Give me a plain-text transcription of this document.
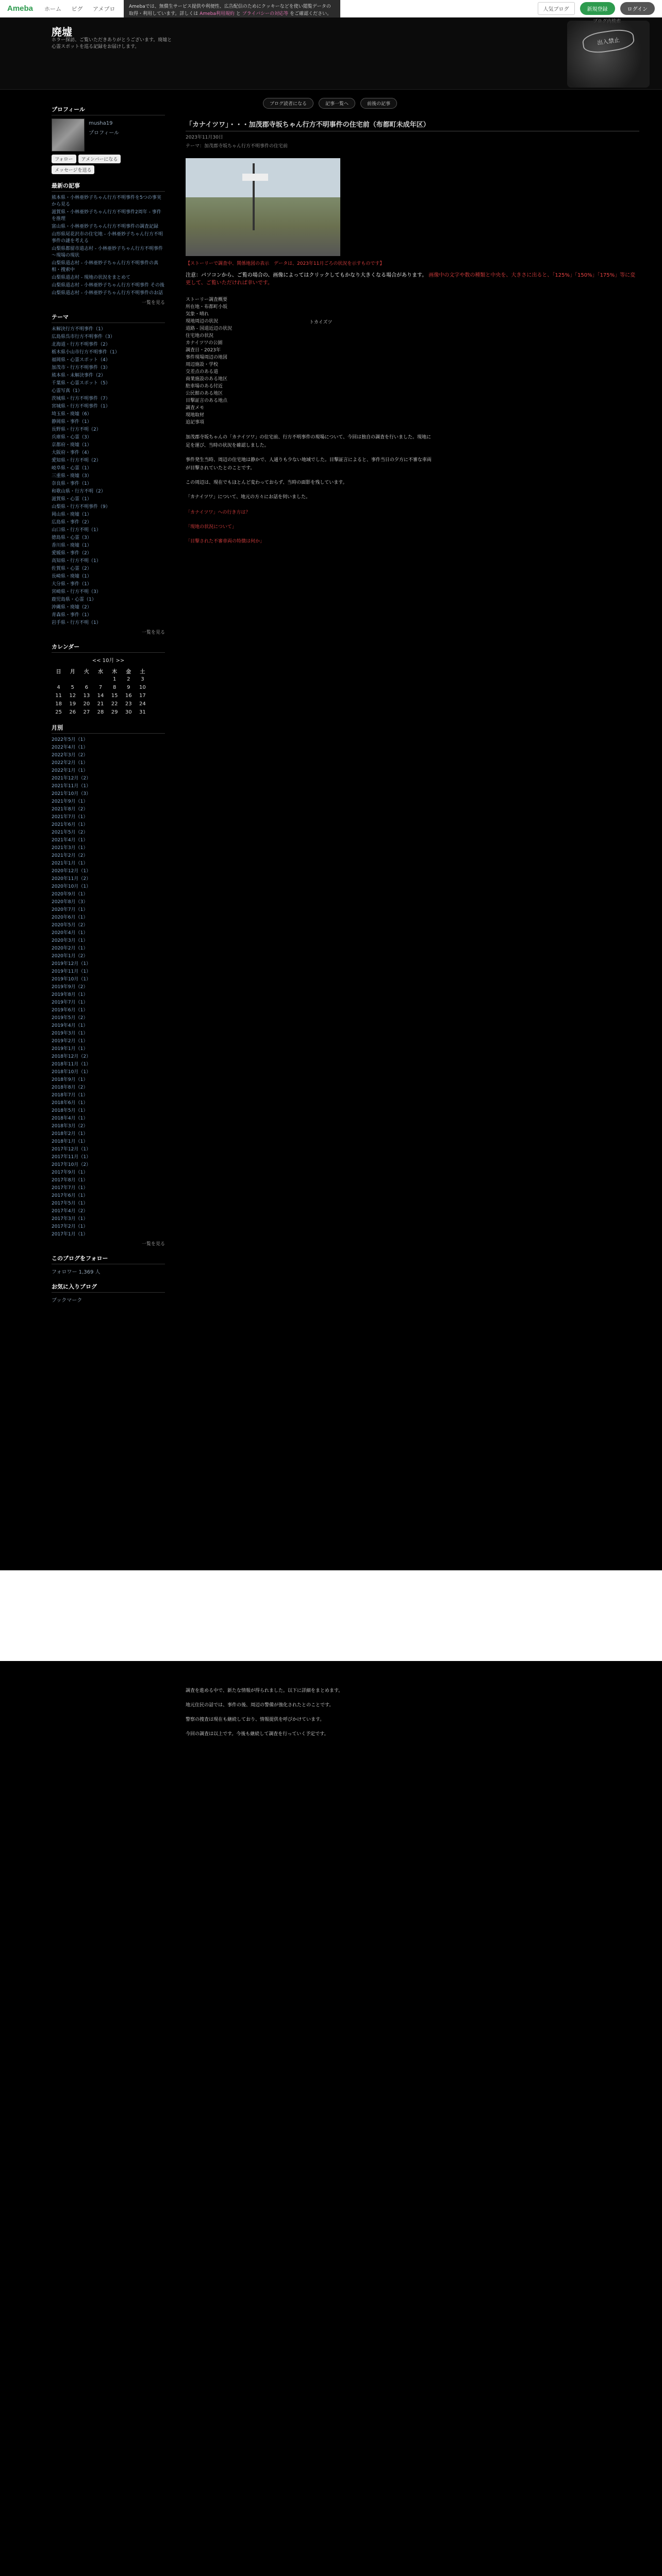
Ameba ホーム ピグ アメブロ	人気ブログ	新規登録	ログイン
Amebaでは、無償生サービス提供や利便性、広告配信のためにクッキーなどを使い閲覧データの取得・利用しています。詳しくは Ameba利用規約 と プライバシーの対応等 をご確認ください。
廃墟
ホラー探訪、ご覧いただきありがとうございます。廃墟と心霊スポットを巡る記録をお届けします。
出入禁止
プロフィール
musha19
プロフィール
フォロー	アメンバーになる
メッセージを送る
最新の記事
熊本県・小林亜妙子ちゃん行方不明事件を5つの事実から見る
滋賀県・小林亜妙子ちゃん行方不明事件2周年 - 事件を推理
富山県・小林亜妙子ちゃん行方不明事件の調査記録
山形県尾花沢市の住宅地 - 小林亜妙子ちゃん行方不明事件の謎を考える
山梨県都留市道志村 - 小林亜妙子ちゃん行方不明事件 ～現場の現状
山梨県道志村 - 小林亜妙子ちゃん行方不明事件の真相・捜索中
山梨県道志村 - 現地の状況をまとめて
山梨県道志村 - 小林亜妙子ちゃん行方不明事件 その後
山梨県道志村 - 小林亜妙子ちゃん行方不明事件のお話
一覧を見る
テーマ
未解決行方不明事件（1）
広島県呉市行方不明事件（3）
北海道・行方不明事件（2）
栃木県小山市行方不明事件（1）
福岡県・心霊スポット（4）
加茂市・行方不明事件（3）
熊本県・未解決事件（2）
千葉県・心霊スポット（5）
心霊写真（1）
茨城県・行方不明事件（7）
宮城県・行方不明事件（1）
埼玉県・廃墟（6）
静岡県・事件（1）
長野県・行方不明（2）
兵庫県・心霊（3）
京都府・廃墟（1）
大阪府・事件（4）
愛知県・行方不明（2）
岐阜県・心霊（1）
三重県・廃墟（3）
奈良県・事件（1）
和歌山県・行方不明（2）
滋賀県・心霊（1）
山梨県・行方不明事件（9）
岡山県・廃墟（1）
広島県・事件（2）
山口県・行方不明（1）
徳島県・心霊（3）
香川県・廃墟（1）
愛媛県・事件（2）
高知県・行方不明（1）
佐賀県・心霊（2）
長崎県・廃墟（1）
大分県・事件（1）
宮崎県・行方不明（3）
鹿児島県・心霊（1）
沖縄県・廃墟（2）
青森県・事件（1）
岩手県・行方不明（1）
一覧を見る
カレンダー
<< 10月 >>
日	月	火	水	木	金	土
				1	2	3
4	5	6	7	8	9	10
11	12	13	14	15	16	17
18	19	20	21	22	23	24
25	26	27	28	29	30	31
月別
2022年5月（1）
2022年4月（1）
2022年3月（2）
2022年2月（1）
2022年1月（1）
2021年12月（2）
2021年11月（1）
2021年10月（3）
2021年9月（1）
2021年8月（2）
2021年7月（1）
2021年6月（1）
2021年5月（2）
2021年4月（1）
2021年3月（1）
2021年2月（2）
2021年1月（1）
2020年12月（1）
2020年11月（2）
2020年10月（1）
2020年9月（1）
2020年8月（3）
2020年7月（1）
2020年6月（1）
2020年5月（2）
2020年4月（1）
2020年3月（1）
2020年2月（1）
2020年1月（2）
2019年12月（1）
2019年11月（1）
2019年10月（1）
2019年9月（2）
2019年8月（1）
2019年7月（1）
2019年6月（1）
2019年5月（2）
2019年4月（1）
2019年3月（1）
2019年2月（1）
2019年1月（1）
2018年12月（2）
2018年11月（1）
2018年10月（1）
2018年9月（1）
2018年8月（2）
2018年7月（1）
2018年6月（1）
2018年5月（1）
2018年4月（1）
2018年3月（2）
2018年2月（1）
2018年1月（1）
2017年12月（1）
2017年11月（1）
2017年10月（2）
2017年9月（1）
2017年8月（1）
2017年7月（1）
2017年6月（1）
2017年5月（1）
2017年4月（2）
2017年3月（1）
2017年2月（1）
2017年1月（1）
一覧を見る
このブログをフォロー
フォロワー 1,369 人
お気に入りブログ
ブックマーク
ブログ読者になる	記事一覧へ	前後の記事
「カナイツワ」・・・加茂郡寺坂ちゃん行方不明事件の住宅前（布都町未成年区）
2023年11月30日
テーマ：加茂郡寺坂ちゃん行方不明事件の住宅前
【ストーリーで調査中、関係地図の表示　データは、2023年11月ごろの状況を示すものです】
注意：パソコンから、ご覧の場合の、画像によってはクリックしてもかなり大きくなる場合があります。 画像中の文字や数の種類と中央を、大きさに出ると、「125%」「150%」「175%」等に変更して、ご覧いただければ幸いです。
ストーリー調査概要
所在地・布都町小坂
気象・晴れ
現地周辺の状況
道路 - 国道近辺の状況
住宅地の状況
カナイツワの公園
調査日・2023年
事件現場周辺の地図
周辺施設・学校
交差点のある道
商業施設のある地区
駐車場のある付近
公民館のある地区
目撃証言のある地点
調査メモ
現地取材
追記事項

加茂郡寺坂ちゃんの「カナイツワ」の住宅前、行方不明事件の現場について、今回は独自の調査を行いました。現地に足を運び、当時の状況を確認しました。

事件発生当時、周辺の住宅地は静かで、人通りも少ない地域でした。目撃証言によると、事件当日の夕方に不審な車両が目撃されていたとのことです。

この周辺は、現在でもほとんど変わっておらず、当時の面影を残しています。

「カナイツワ」について、地元の方々にお話を伺いました。

「カナイツワ」への行き方は？

「現地の状況について」

「目撃された不審車両の特徴は何か」

トカイズツ

調査を進める中で、新たな情報が得られました。以下に詳細をまとめます。

地元住民の話では、事件の後、周辺の警備が強化されたとのことです。

警察の捜査は現在も継続しており、情報提供を呼びかけています。

今回の調査は以上です。今後も継続して調査を行っていく予定です。
